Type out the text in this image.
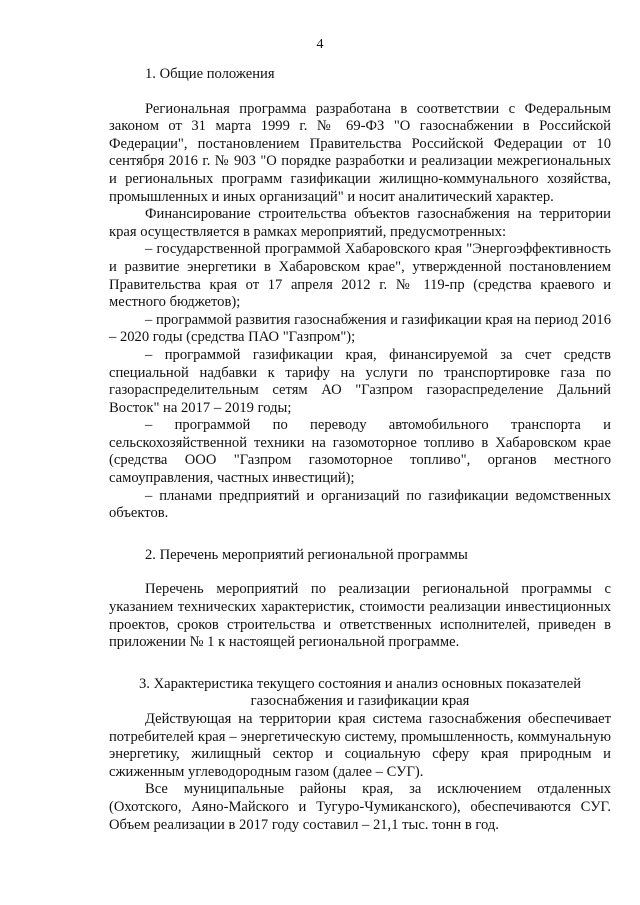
4

1. Общие положения

Региональная программа разработана в соответствии с Федеральным законом от 31 марта 1999 г. № 69-ФЗ "О газоснабжении в Российской Федерации", постановлением Правительства Российской Федерации от 10 сентября 2016 г. № 903 "О порядке разработки и реализации межрегиональных и региональных программ газификации жилищно-коммунального хозяйства, промышленных и иных организаций" и носит аналитический характер.

Финансирование строительства объектов газоснабжения на территории края осуществляется в рамках мероприятий, предусмотренных:

– государственной программой Хабаровского края "Энергоэффективность и развитие энергетики в Хабаровском крае", утвержденной постановлением Правительства края от 17 апреля 2012 г. № 119-пр (средства краевого и местного бюджетов);

– программой развития газоснабжения и газификации края на период 2016 – 2020 годы (средства ПАО "Газпром");

– программой газификации края, финансируемой за счет средств специальной надбавки к тарифу на услуги по транспортировке газа по газораспределительным сетям АО "Газпром газораспределение Дальний Восток" на 2017 – 2019 годы;

– программой по переводу автомобильного транспорта и сельскохозяйственной техники на газомоторное топливо в Хабаровском крае (средства ООО "Газпром газомоторное топливо", органов местного самоуправления, частных инвестиций);

– планами предприятий и организаций по газификации ведомственных объектов.

2. Перечень мероприятий региональной программы

Перечень мероприятий по реализации региональной программы с указанием технических характеристик, стоимости реализации инвестиционных проектов, сроков строительства и ответственных исполнителей, приведен в приложении № 1 к настоящей региональной программе.

3. Характеристика текущего состояния и анализ основных показателей

газоснабжения и газификации края

Действующая на территории края система газоснабжения обеспечивает потребителей края – энергетическую систему, промышленность, коммунальную энергетику, жилищный сектор и социальную сферу края природным и сжиженным углеводородным газом (далее – СУГ).

Все муниципальные районы края, за исключением отдаленных (Охотского, Аяно-Майского и Тугуро-Чумиканского), обеспечиваются СУГ. Объем реализации в 2017 году составил – 21,1 тыс. тонн в год.
